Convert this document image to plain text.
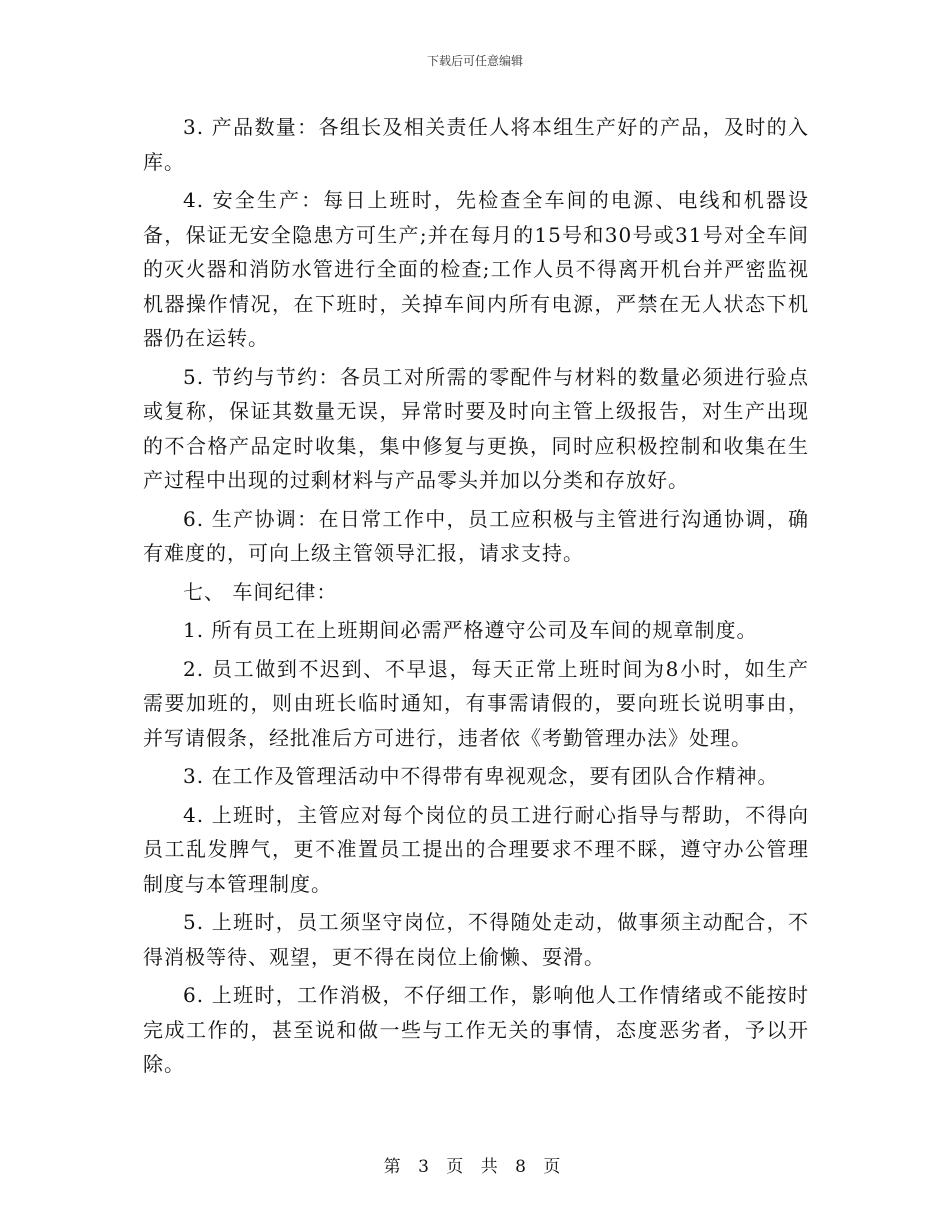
下载后可任意编辑

3. 产品数量：各组长及相关责任人将本组生产好的产品，及时的入库。

4. 安全生产：每日上班时，先检查全车间的电源、电线和机器设备，保证无安全隐患方可生产;并在每月的15号和30号或31号对全车间的灭火器和消防水管进行全面的检查;工作人员不得离开机台并严密监视机器操作情况，在下班时，关掉车间内所有电源，严禁在无人状态下机器仍在运转。

5. 节约与节约：各员工对所需的零配件与材料的数量必须进行验点或复称，保证其数量无误，异常时要及时向主管上级报告，对生产出现的不合格产品定时收集，集中修复与更换，同时应积极控制和收集在生产过程中出现的过剩材料与产品零头并加以分类和存放好。

6. 生产协调：在日常工作中，员工应积极与主管进行沟通协调，确有难度的，可向上级主管领导汇报，请求支持。

七、 车间纪律：

1. 所有员工在上班期间必需严格遵守公司及车间的规章制度。

2. 员工做到不迟到、不早退，每天正常上班时间为8小时，如生产需要加班的，则由班长临时通知，有事需请假的，要向班长说明事由，并写请假条，经批准后方可进行，违者依《考勤管理办法》处理。

3. 在工作及管理活动中不得带有卑视观念，要有团队合作精神。

4. 上班时，主管应对每个岗位的员工进行耐心指导与帮助，不得向员工乱发脾气，更不准置员工提出的合理要求不理不睬，遵守办公管理制度与本管理制度。

5. 上班时，员工须坚守岗位，不得随处走动，做事须主动配合，不得消极等待、观望，更不得在岗位上偷懒、耍滑。

6. 上班时，工作消极，不仔细工作，影响他人工作情绪或不能按时完成工作的，甚至说和做一些与工作无关的事情，态度恶劣者，予以开除。

第 3 页 共 8 页
